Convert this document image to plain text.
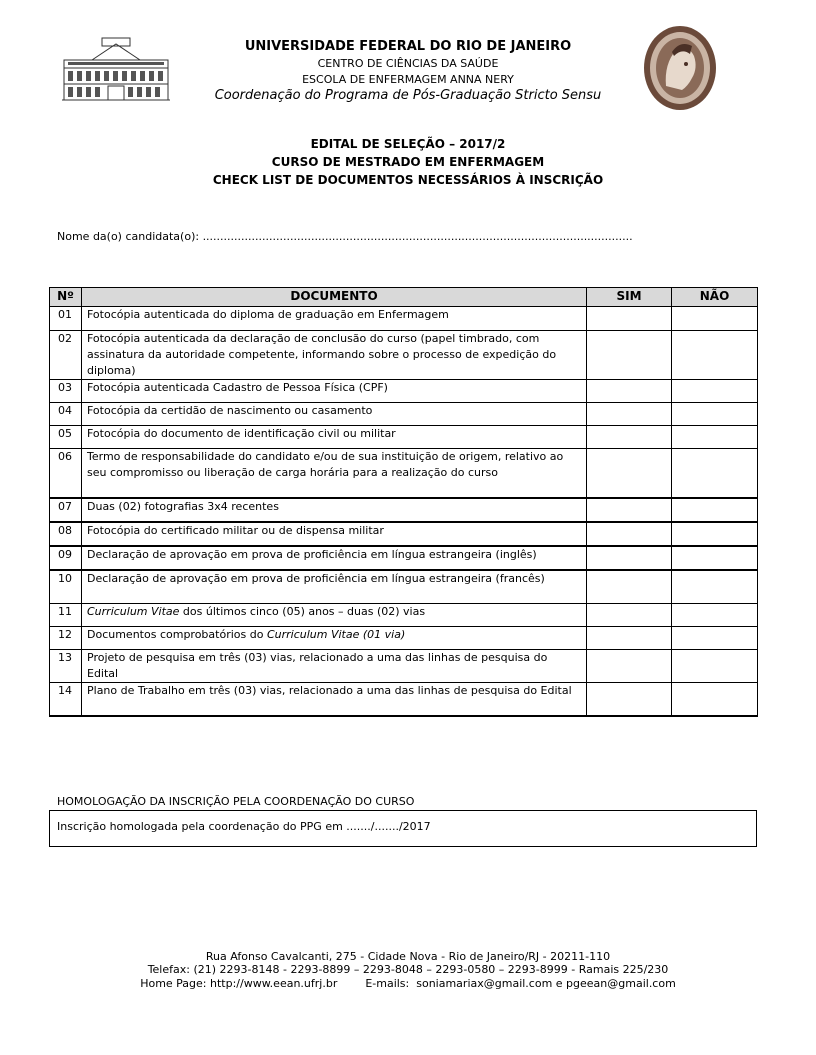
UNIVERSIDADE FEDERAL DO RIO DE JANEIRO
CENTRO DE CIÊNCIAS DA SAÚDE
ESCOLA DE ENFERMAGEM ANNA NERY
Coordenação do Programa de Pós-Graduação Stricto Sensu
EDITAL DE SELEÇÃO – 2017/2
CURSO DE MESTRADO EM ENFERMAGEM
CHECK LIST DE DOCUMENTOS NECESSÁRIOS À INSCRIÇÃO
Nome da(o) candidata(o): ...........................................................................................................................
Nº	DOCUMENTO	SIM	NÃO
01	Fotocópia autenticada do diploma de graduação em Enfermagem		
02	Fotocópia autenticada da declaração de conclusão do curso (papel timbrado, com assinatura da autoridade competente, informando sobre o processo de expedição do diploma)		
03	Fotocópia autenticada Cadastro de Pessoa Física (CPF)		
04	Fotocópia da certidão de nascimento ou casamento		
05	Fotocópia do documento de identificação civil ou militar		
06	Termo de responsabilidade do candidato e/ou de sua instituição de origem, relativo ao seu compromisso ou liberação de carga horária para a realização do curso		
07	Duas (02) fotografias 3x4 recentes		
08	Fotocópia do certificado militar ou de dispensa militar		
09	Declaração de aprovação em prova de proficiência em língua estrangeira (inglês)		
10	Declaração de aprovação em prova de proficiência em língua estrangeira (francês)		
11	Curriculum Vitae dos últimos cinco (05) anos – duas (02) vias		
12	Documentos comprobatórios do Curriculum Vitae (01 via)		
13	Projeto de pesquisa em três (03) vias, relacionado a uma das linhas de pesquisa do Edital		
14	Plano de Trabalho em três (03) vias, relacionado a uma das linhas de pesquisa do Edital		
HOMOLOGAÇÃO DA INSCRIÇÃO PELA COORDENAÇÃO DO CURSO
Inscrição homologada pela coordenação do PPG em ......./......./2017
Rua Afonso Cavalcanti, 275 - Cidade Nova - Rio de Janeiro/RJ - 20211-110
Telefax: (21) 2293-8148 - 2293-8899 – 2293-8048 – 2293-0580 – 2293-8999 - Ramais 225/230
Home Page: http://www.eean.ufrj.br        E-mails:  soniamariax@gmail.com e pgeean@gmail.com
